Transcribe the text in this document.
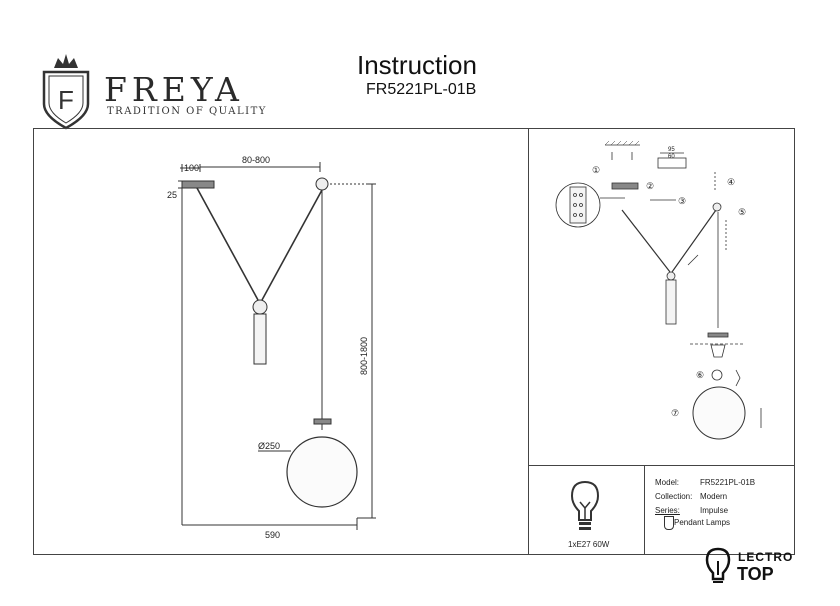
F FREYA
TRADITION OF QUALITY
Instruction
FR5221PL-01B
100
25
80-800
800-1800
Ø250
590
①
②
③
④
⑤
⑥
⑦
95
60
1xE27 60W
Model:	FR5221PL-01B
Collection: Modern
Series:	Impulse
Pendant Lamps
LECTRO
TOP
